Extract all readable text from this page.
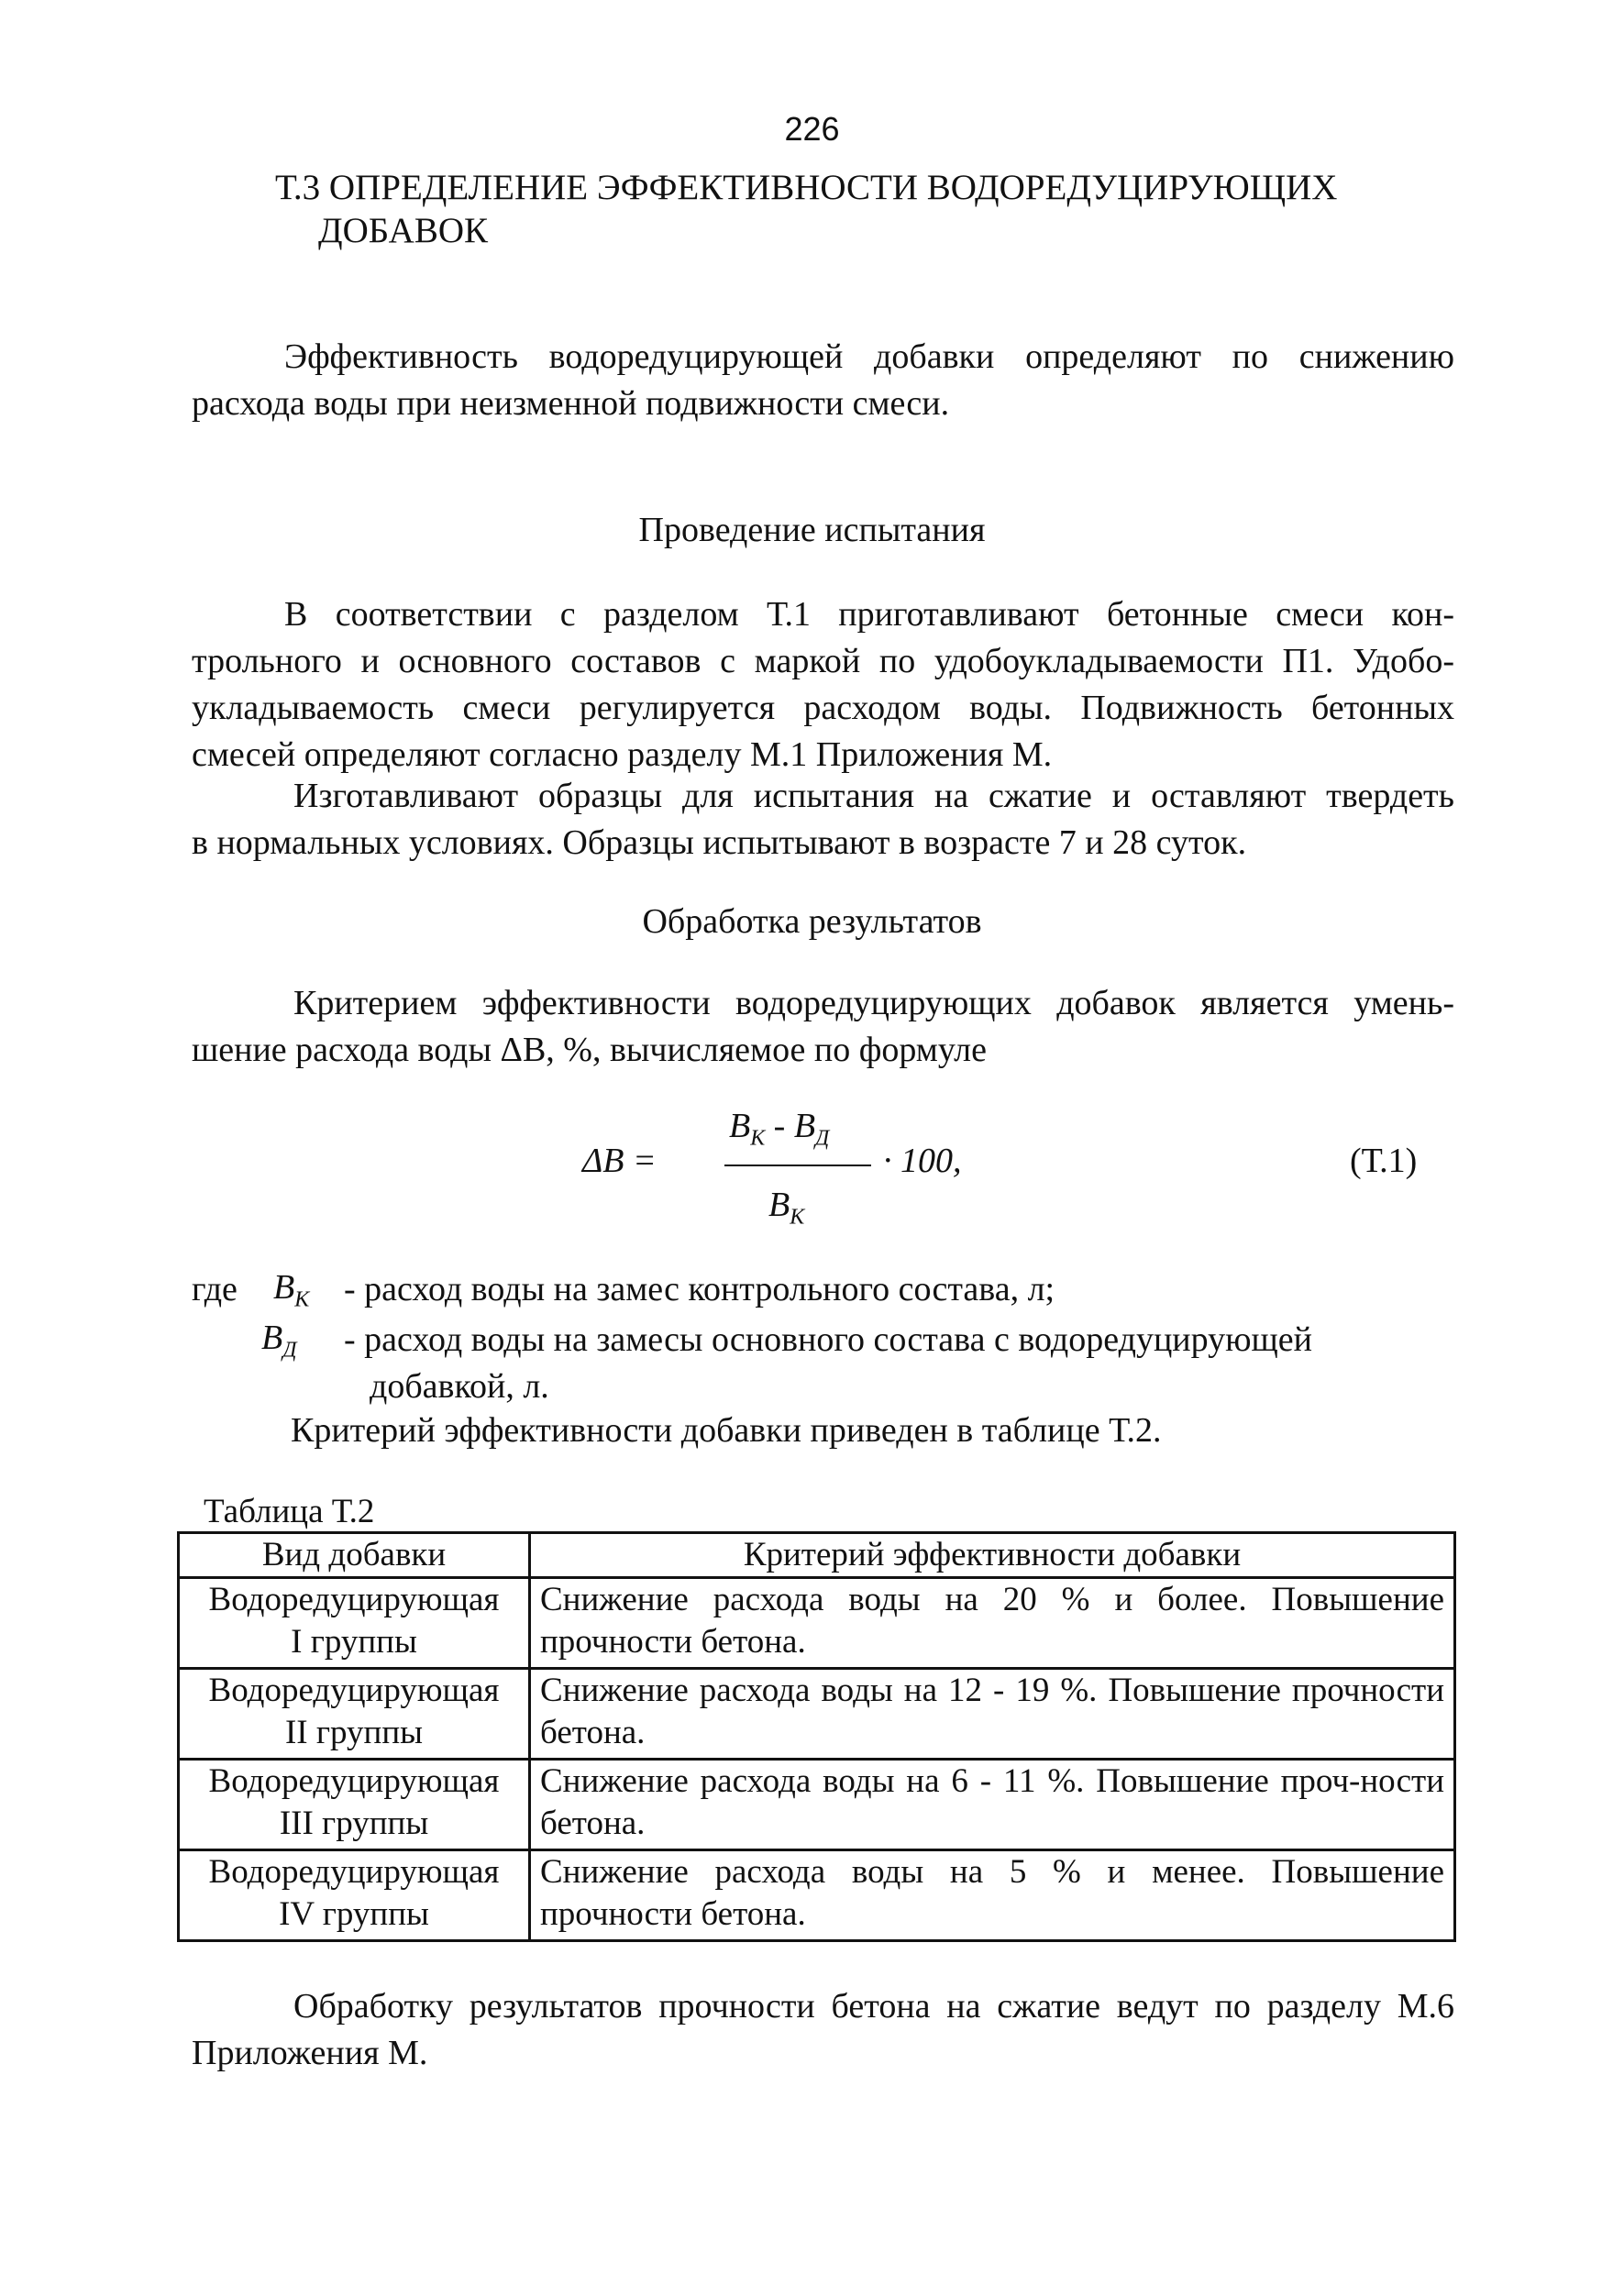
226
Т.3 ОПРЕДЕЛЕНИЕ ЭФФЕКТИВНОСТИ ВОДОРЕДУЦИРУЮЩИХ
ДОБАВОК
Эффективность водоредуцирующей добавки определяют по снижению
расхода воды при неизменной подвижности смеси.
Проведение испытания
В соответствии с разделом Т.1 приготавливают бетонные смеси кон-
трольного и основного составов с маркой по удобоукладываемости П1. Удобо-
укладываемость смеси регулируется расходом воды. Подвижность бетонных
смесей определяют согласно разделу М.1 Приложения М.
Изготавливают образцы для испытания на сжатие и оставляют твердеть
в нормальных условиях. Образцы испытывают в возрасте 7 и 28 суток.
Обработка результатов
Критерием эффективности водоредуцирующих добавок является умень-
шение расхода воды ΔВ, %, вычисляемое по формуле
ΔВ =
$В_К - В_Д$
$В_К$
· 100,	(Т.1)
где $В_К$ - расход воды на замес контрольного состава, л;
$В_Д$ - расход воды на замесы основного состава с водоредуцирующей
добавкой, л.
Критерий эффективности добавки приведен в таблице Т.2.
Таблица Т.2
Вид добавки	Критерий эффективности добавки

Водоредуцирующая
I группы	Снижение расхода воды на 20 % и более. Повышение прочности бетона.

Водоредуцирующая
II группы	Снижение расхода воды на 12 - 19 %. Повышение прочности бетона.

Водоредуцирующая
III группы	Снижение расхода воды на 6 - 11 %. Повышение проч-ности бетона.

Водоредуцирующая
IV группы	Снижение расхода воды на 5 % и менее. Повышение прочности бетона.
Обработку результатов прочности бетона на сжатие ведут по разделу М.6
Приложения М.
